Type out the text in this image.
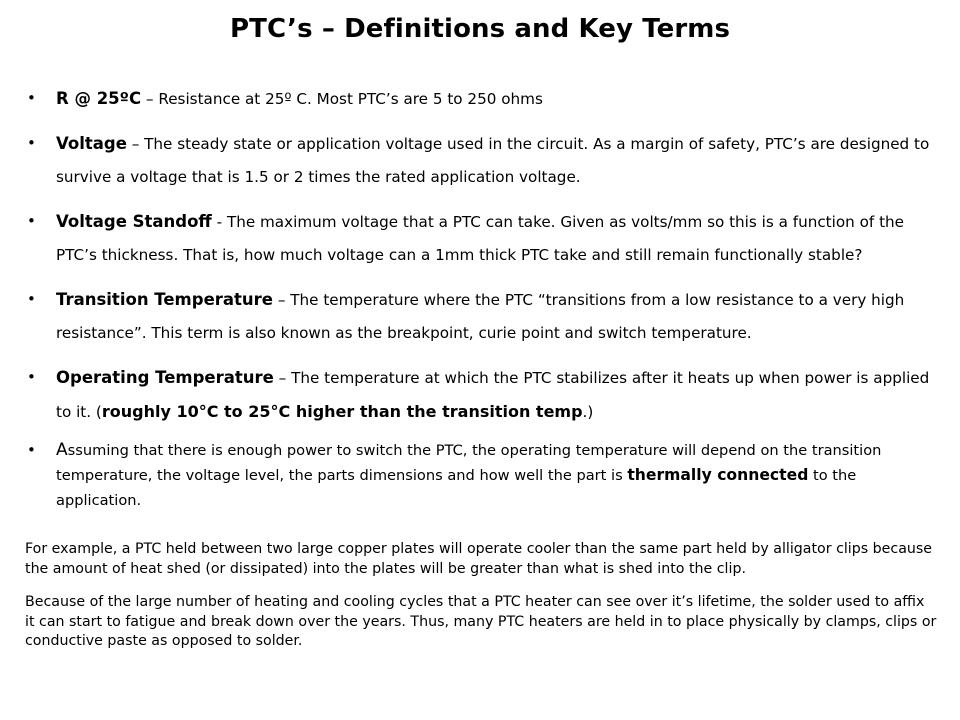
PTC’s – Definitions and Key Terms
• R @ 25ºC – Resistance at 25º C. Most PTC’s are 5 to 250 ohms
• Voltage – The steady state or application voltage used in the circuit. As a margin of safety, PTC’s are designed to survive a voltage that is 1.5 or 2 times the rated application voltage.
• Voltage Standoff - The maximum voltage that a PTC can take. Given as volts/mm so this is a function of the PTC’s thickness. That is, how much voltage can a 1mm thick PTC take and still remain functionally stable?
• Transition Temperature – The temperature where the PTC “transitions from a low resistance to a very high resistance”. This term is also known as the breakpoint, curie point and switch temperature.
• Operating Temperature – The temperature at which the PTC stabilizes after it heats up when power is applied to it. (roughly 10°C to 25°C higher than the transition temp.)
• Assuming that there is enough power to switch the PTC, the operating temperature will depend on the transition temperature, the voltage level, the parts dimensions and how well the part is thermally connected to the application.

For example, a PTC held between two large copper plates will operate cooler than the same part held by alligator clips because the amount of heat shed (or dissipated) into the plates will be greater than what is shed into the clip.

Because of the large number of heating and cooling cycles that a PTC heater can see over it’s lifetime, the solder used to affix it can start to fatigue and break down over the years. Thus, many PTC heaters are held in to place physically by clamps, clips or conductive paste as opposed to solder.
